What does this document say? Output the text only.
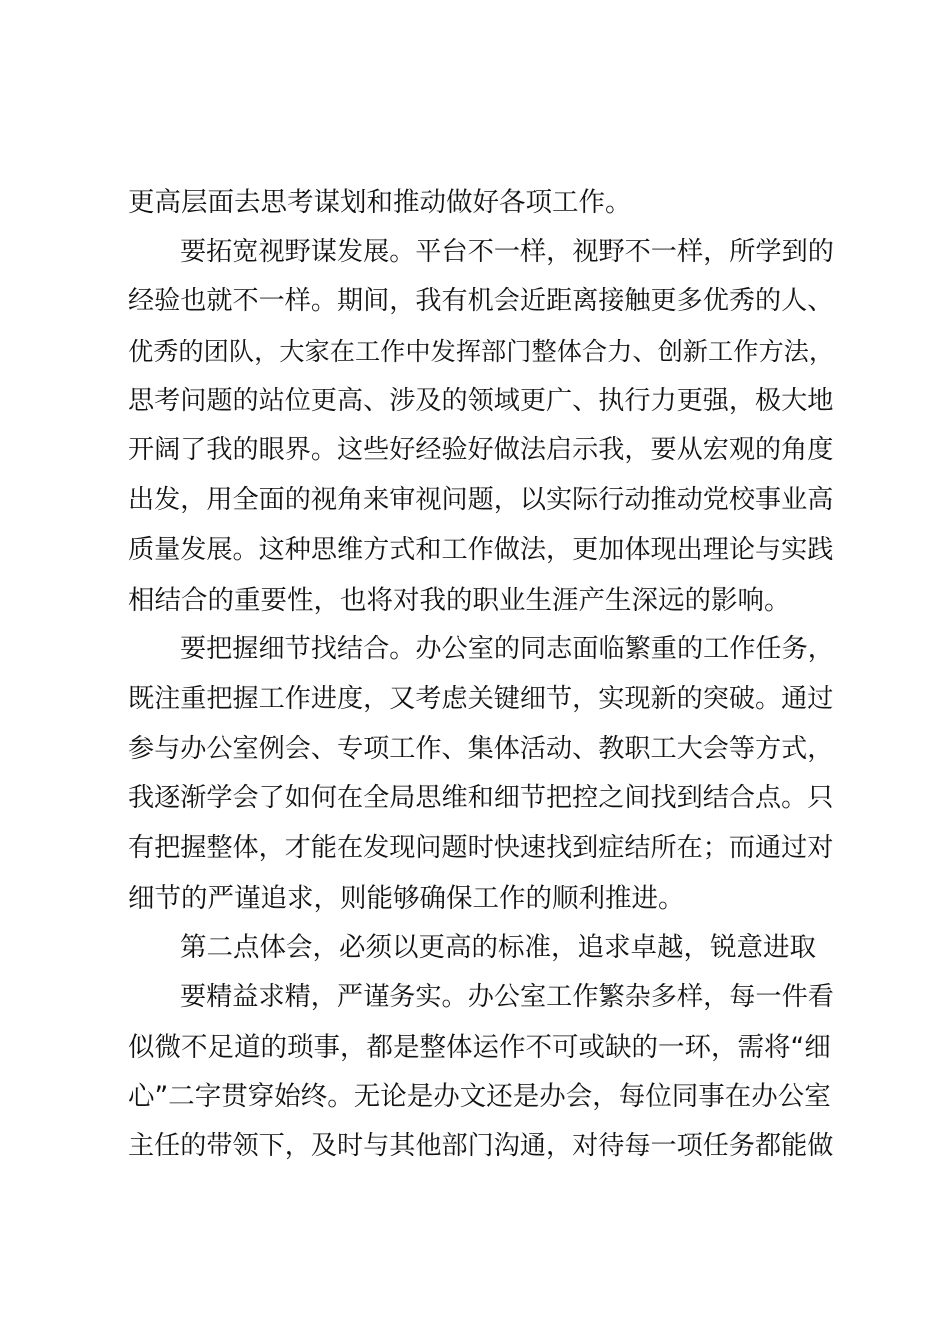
更高层面去思考谋划和推动做好各项工作。
要拓宽视野谋发展。平台不一样，视野不一样，所学到的
经验也就不一样。期间，我有机会近距离接触更多优秀的人、
优秀的团队，大家在工作中发挥部门整体合力、创新工作方法，
思考问题的站位更高、涉及的领域更广、执行力更强，极大地
开阔了我的眼界。这些好经验好做法启示我，要从宏观的角度
出发，用全面的视角来审视问题，以实际行动推动党校事业高
质量发展。这种思维方式和工作做法，更加体现出理论与实践
相结合的重要性，也将对我的职业生涯产生深远的影响。
要把握细节找结合。办公室的同志面临繁重的工作任务，
既注重把握工作进度，又考虑关键细节，实现新的突破。通过
参与办公室例会、专项工作、集体活动、教职工大会等方式，
我逐渐学会了如何在全局思维和细节把控之间找到结合点。只
有把握整体，才能在发现问题时快速找到症结所在；而通过对
细节的严谨追求，则能够确保工作的顺利推进。
第二点体会，必须以更高的标准，追求卓越，锐意进取
要精益求精，严谨务实。办公室工作繁杂多样，每一件看
似微不足道的琐事，都是整体运作不可或缺的一环，需将“细
心”二字贯穿始终。无论是办文还是办会，每位同事在办公室
主任的带领下，及时与其他部门沟通，对待每一项任务都能做
